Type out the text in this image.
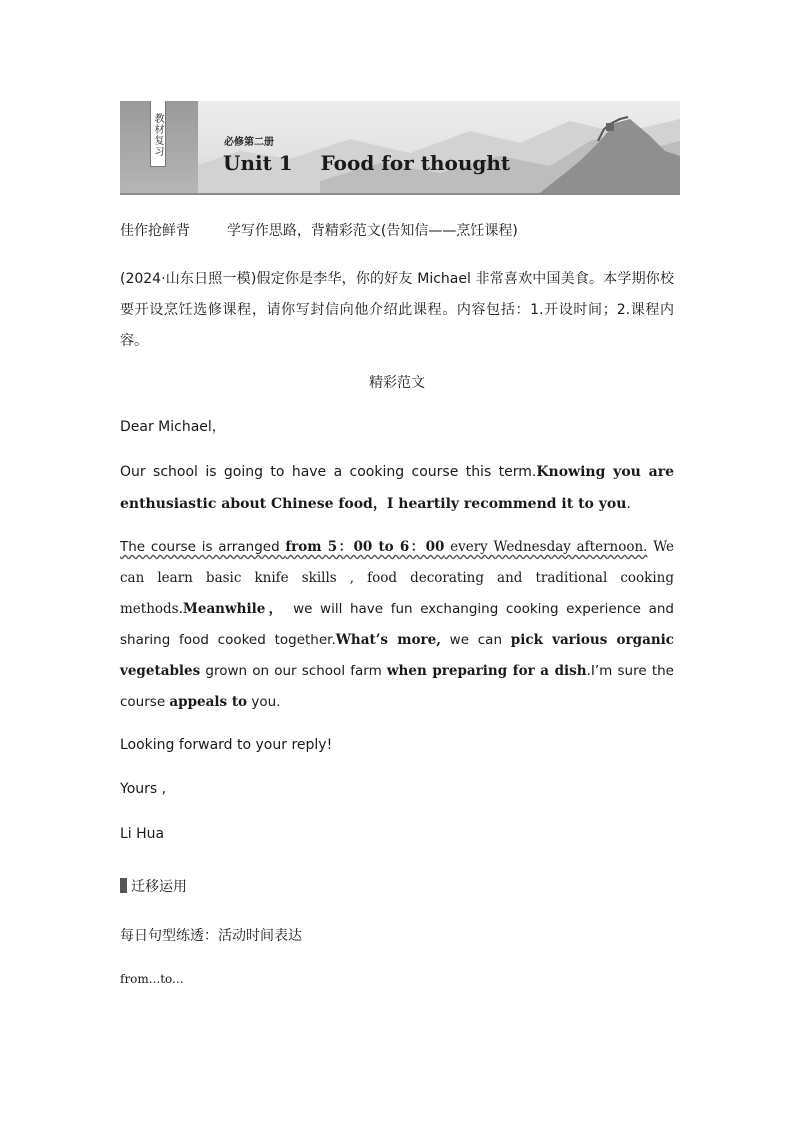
教材复习	必修第二册
Unit 1    Food for thought
佳作抢鲜背	学写作思路，背精彩范文(告知信——烹饪课程)

(2024·山东日照一模)假定你是李华，你的好友 Michael 非常喜欢中国美食。本学期你校要开设烹饪选修课程，请你写封信向他介绍此课程。内容包括：1.开设时间；2.课程内容。

精彩范文
Dear Michael，

Our school is going to have a cooking course this term.Knowing you are enthusiastic about Chinese food，I heartily recommend it to you.

The course is arranged from 5：00 to 6：00 every Wednesday afternoon. We can learn basic knife skills , food decorating and traditional cooking methods.Meanwhile， we will have fun exchanging cooking experience and sharing food cooked together.What’s more, we can pick various organic vegetables grown on our school farm when preparing for a dish.I’m sure the course appeals to you.

Looking forward to your reply!
Yours ,
Li Hua
迁移运用
每日句型练透：活动时间表达
from...to...
